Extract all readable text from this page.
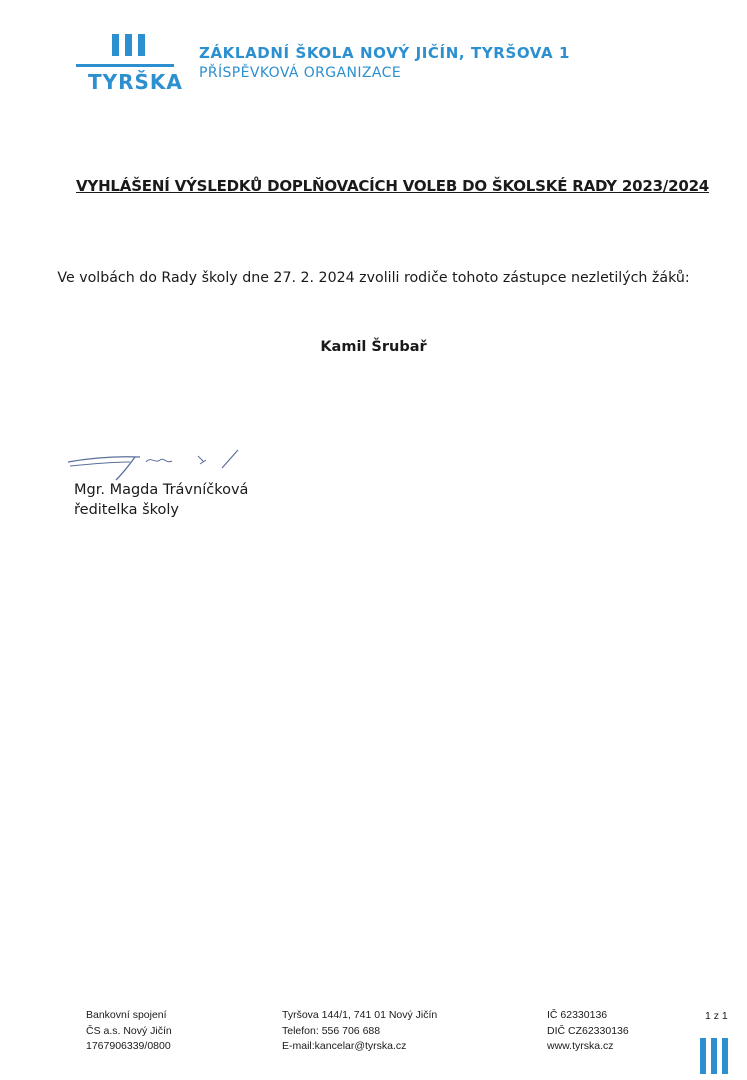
TYRŠKA
ZÁKLADNÍ ŠKOLA NOVÝ JIČÍN, TYRŠOVA 1
PŘÍSPĚVKOVÁ ORGANIZACE
VYHLÁŠENÍ VÝSLEDKŮ DOPLŇOVACÍCH VOLEB DO ŠKOLSKÉ RADY 2023/2024
Ve volbách do Rady školy dne 27. 2. 2024 zvolili rodiče tohoto zástupce nezletilých žáků:
Kamil Šrubař
Mgr. Magda Trávníčková
ředitelka školy
Bankovní spojení
ČS a.s. Nový Jičín
1767906339/0800
Tyršova 144/1, 741 01 Nový Jičín
Telefon: 556 706 688
E-mail:kancelar@tyrska.cz
IČ 62330136
DIČ CZ62330136
www.tyrska.cz
1 z 1
